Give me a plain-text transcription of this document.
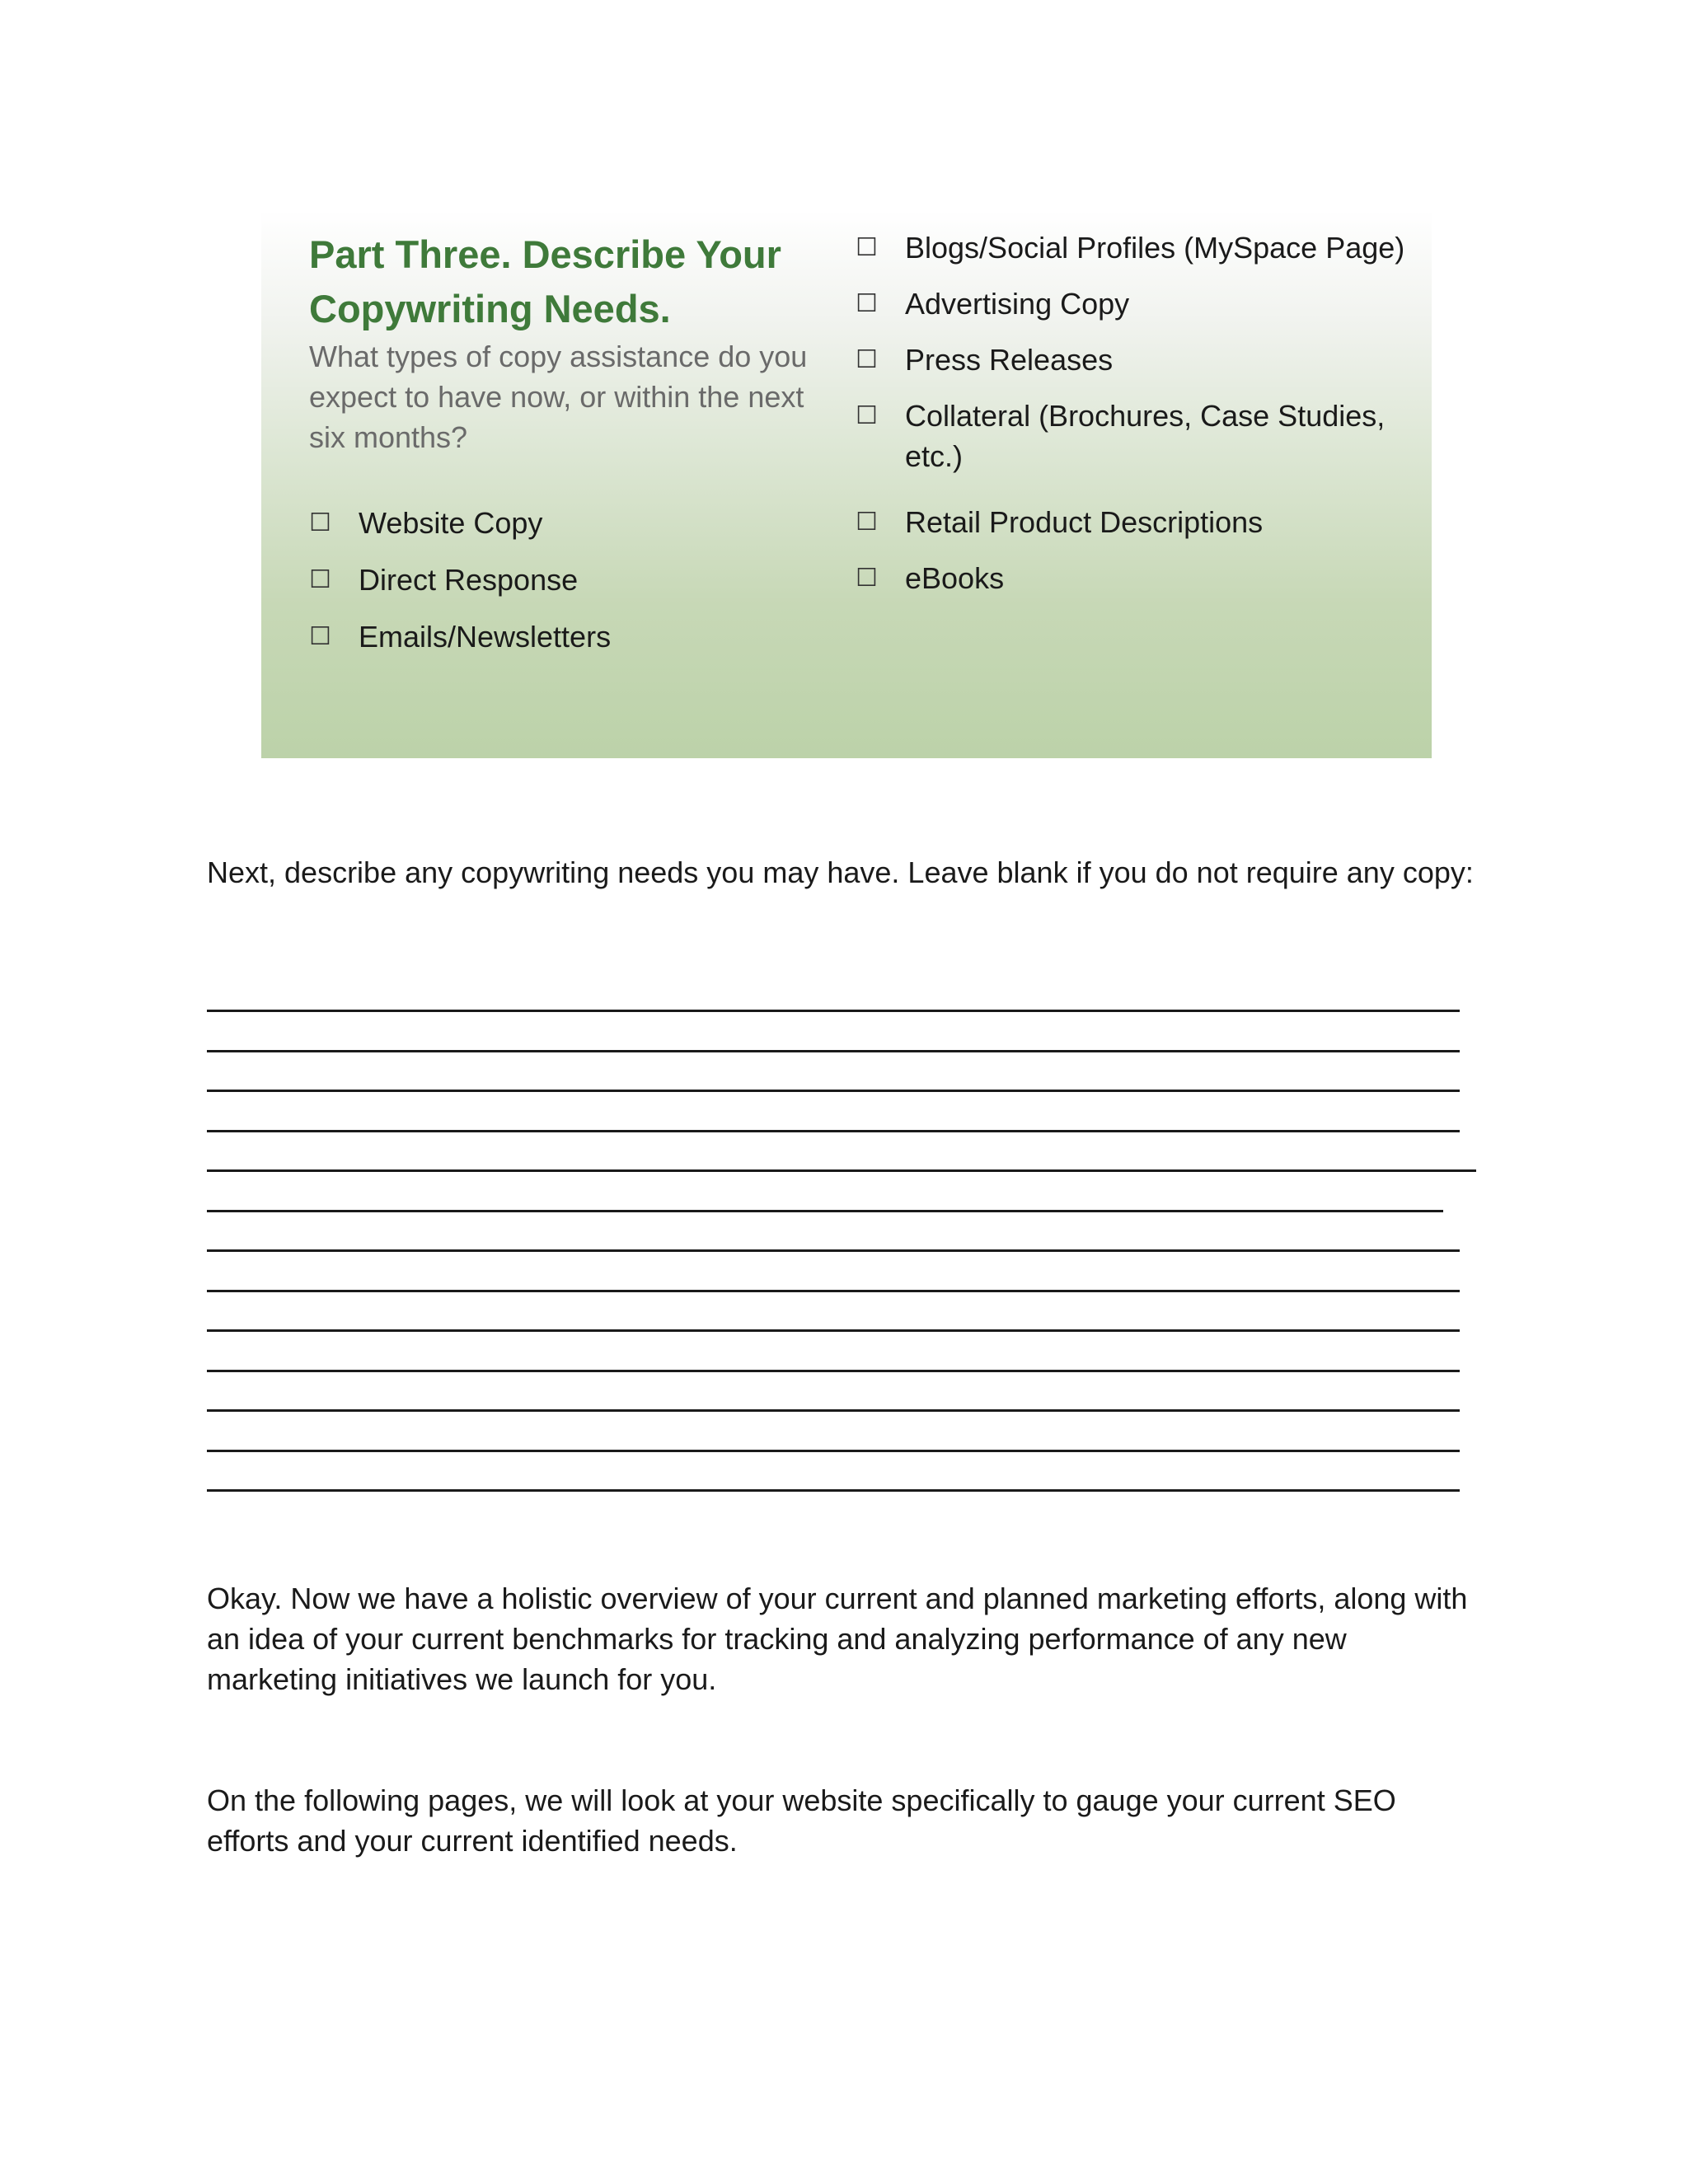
Part Three. Describe Your Copywriting Needs.

What types of copy assistance do you expect to have now, or within the next six months?

☐ Website Copy
☐ Direct Response
☐ Emails/Newsletters
☐ Blogs/Social Profiles (MySpace Page)
☐ Advertising Copy
☐ Press Releases
☐ Collateral (Brochures, Case Studies, etc.)
☐ Retail Product Descriptions
☐ eBooks

Next, describe any copywriting needs you may have. Leave blank if you do not require any copy:

Okay. Now we have a holistic overview of your current and planned marketing efforts, along with an idea of your current benchmarks for tracking and analyzing performance of any new marketing initiatives we launch for you.

On the following pages, we will look at your website specifically to gauge your current SEO efforts and your current identified needs.
